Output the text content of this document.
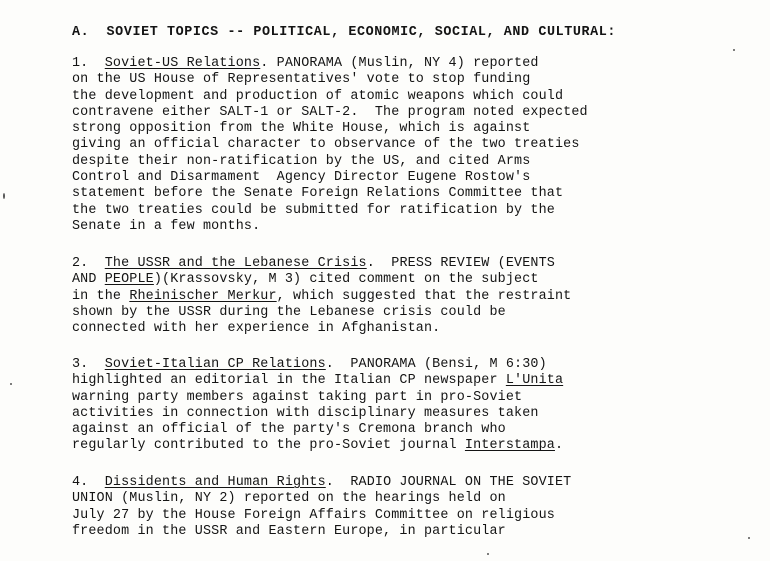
A.  SOVIET TOPICS -- POLITICAL, ECONOMIC, SOCIAL, AND CULTURAL:
1. Soviet-US Relations. PANORAMA (Muslin, NY 4) reported
on the US House of Representatives' vote to stop funding
the development and production of atomic weapons which could
contravene either SALT-1 or SALT-2.  The program noted expected
strong opposition from the White House, which is against
giving an official character to observance of the two treaties
despite their non-ratification by the US, and cited Arms
Control and Disarmament  Agency Director Eugene Rostow's
statement before the Senate Foreign Relations Committee that
the two treaties could be submitted for ratification by the
Senate in a few months.
2. The USSR and the Lebanese Crisis.  PRESS REVIEW (EVENTS
AND PEOPLE)(Krassovsky, M 3) cited comment on the subject
in the Rheinischer Merkur, which suggested that the restraint
shown by the USSR during the Lebanese crisis could be
connected with her experience in Afghanistan.
3. Soviet-Italian CP Relations.  PANORAMA (Bensi, M 6:30)
highlighted an editorial in the Italian CP newspaper L'Unita
warning party members against taking part in pro-Soviet
activities in connection with disciplinary measures taken
against an official of the party's Cremona branch who
regularly contributed to the pro-Soviet journal Interstampa.
4. Dissidents and Human Rights.  RADIO JOURNAL ON THE SOVIET
UNION (Muslin, NY 2) reported on the hearings held on
July 27 by the House Foreign Affairs Committee on religious
freedom in the USSR and Eastern Europe, in particular
